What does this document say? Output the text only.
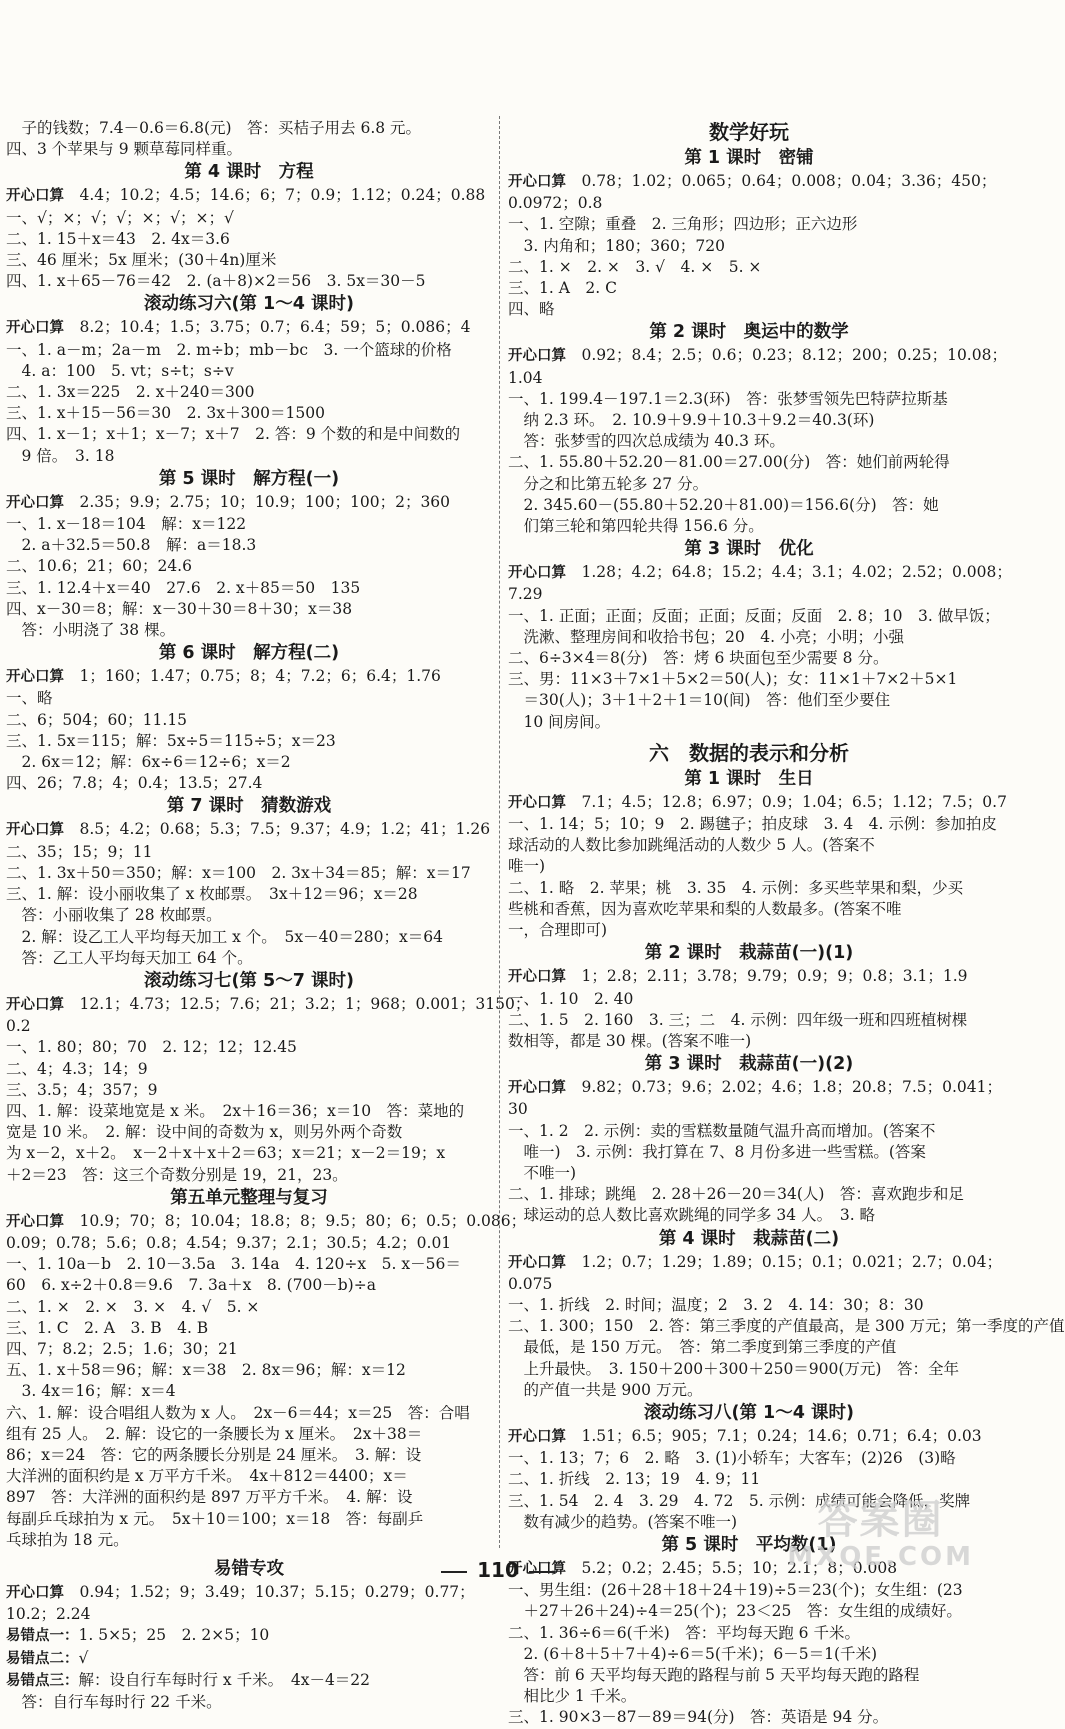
　子的钱数；7.4－0.6＝6.8(元)　答：买桔子用去 6.8 元。
四、3 个苹果与 9 颗草莓同样重。
第 4 课时　方程
开心口算　4.4；10.2；4.5；14.6；6；7；0.9；1.12；0.24；0.88
一、√；×；√；√；×；√；×；√
二、1. 15＋x＝43　2. 4x＝3.6
三、46 厘米；5x 厘米；(30＋4n)厘米
四、1. x＋65－76＝42　2. (a＋8)×2＝56　3. 5x＝30－5
滚动练习六(第 1～4 课时)
开心口算　8.2；10.4；1.5；3.75；0.7；6.4；59；5；0.086；4
一、1. a－m；2a－m　2. m÷b；mb－bc　3. 一个篮球的价格
　4. a：100　5. vt；s÷t；s÷v
二、1. 3x＝225　2. x＋240＝300
三、1. x＋15－56＝30　2. 3x＋300＝1500
四、1. x－1；x＋1；x－7；x＋7　2. 答：9 个数的和是中间数的
　9 倍。　3. 18
第 5 课时　解方程(一)
开心口算　2.35；9.9；2.75；10；10.9；100；100；2；360
一、1. x－18＝104　解：x＝122
　2. a＋32.5＝50.8　解：a＝18.3
二、10.6；21；60；24.6
三、1. 12.4＋x＝40　27.6　2. x＋85＝50　135
四、x－30＝8；解：x－30＋30＝8＋30；x＝38
　答：小明浇了 38 棵。
第 6 课时　解方程(二)
开心口算　1；160；1.47；0.75；8；4；7.2；6；6.4；1.76
一、略
二、6；504；60；11.15
三、1. 5x＝115；解：5x÷5＝115÷5；x＝23
　2. 6x＝12；解：6x÷6＝12÷6；x＝2
四、26；7.8；4；0.4；13.5；27.4
第 7 课时　猜数游戏
开心口算　8.5；4.2；0.68；5.3；7.5；9.37；4.9；1.2；41；1.26
二、35；15；9；11
二、1. 3x＋50＝350；解：x＝100　2. 3x＋34＝85；解：x＝17
三、1. 解：设小丽收集了 x 枚邮票。　3x＋12＝96；x＝28
　答：小丽收集了 28 枚邮票。
　2. 解：设乙工人平均每天加工 x 个。　5x－40＝280；x＝64
　答：乙工人平均每天加工 64 个。
滚动练习七(第 5～7 课时)
开心口算　12.1；4.73；12.5；7.6；21；3.2；1；968；0.001；3150；
0.2
一、1. 80；80；70　2. 12；12；12.45
二、4；4.3；14；9
三、3.5；4；357；9
四、1. 解：设菜地宽是 x 米。　2x＋16＝36；x＝10　答：菜地的
宽是 10 米。　2. 解：设中间的奇数为 x，则另外两个奇数
为 x－2，x＋2。　x－2＋x＋x＋2＝63；x＝21；x－2＝19；x
＋2＝23　答：这三个奇数分别是 19，21，23。
第五单元整理与复习
开心口算　10.9；70；8；10.04；18.8；8；9.5；80；6；0.5；0.086；
0.09；0.78；5.6；0.8；4.54；9.37；2.1；30.5；4.2；0.01
一、1. 10a－b　2. 10－3.5a　3. 14a　4. 120÷x　5. x－56＝
60　6. x÷2＋0.8＝9.6　7. 3a＋x　8. (700－b)÷a
二、1. ×　2. ×　3. ×　4. √　5. ×
三、1. C　2. A　3. B　4. B
四、7；8.2；2.5；1.6；30；21
五、1. x＋58＝96；解：x＝38　2. 8x＝96；解：x＝12
　3. 4x＝16；解：x＝4
六、1. 解：设合唱组人数为 x 人。　2x－6＝44；x＝25　答：合唱
组有 25 人。　2. 解：设它的一条腰长为 x 厘米。　2x＋38＝
86；x＝24　答：它的两条腰长分别是 24 厘米。　3. 解：设
大洋洲的面积约是 x 万平方千米。　4x＋812＝4400；x＝
897　答：大洋洲的面积约是 897 万平方千米。　4. 解：设
每副乒乓球拍为 x 元。　5x＋10＝100；x＝18　答：每副乒
乓球拍为 18 元。
易错专攻
开心口算　0.94；1.52；9；3.49；10.37；5.15；0.279；0.77；
10.2；2.24
易错点一：1. 5×5；25　2. 2×5；10
易错点二：√
易错点三：解：设自行车每时行 x 千米。　4x－4＝22
　答：自行车每时行 22 千米。
数学好玩
第 1 课时　密铺
开心口算　0.78；1.02；0.065；0.64；0.008；0.04；3.36；450；
0.0972；0.8
一、1. 空隙；重叠　2. 三角形；四边形；正六边形
　3. 内角和；180；360；720
二、1. ×　2. ×　3. √　4. ×　5. ×
三、1. A　2. C
四、略
第 2 课时　奥运中的数学
开心口算　0.92；8.4；2.5；0.6；0.23；8.12；200；0.25；10.08；
1.04
一、1. 199.4－197.1＝2.3(环)　答：张梦雪领先巴特萨拉斯基
　纳 2.3 环。　2. 10.9＋9.9＋10.3＋9.2＝40.3(环)
　答：张梦雪的四次总成绩为 40.3 环。
二、1. 55.80＋52.20－81.00＝27.00(分)　答：她们前两轮得
　分之和比第五轮多 27 分。
　2. 345.60－(55.80＋52.20＋81.00)＝156.6(分)　答：她
　们第三轮和第四轮共得 156.6 分。
第 3 课时　优化
开心口算　1.28；4.2；64.8；15.2；4.4；3.1；4.02；2.52；0.008；
7.29
一、1. 正面；正面；反面；正面；反面；反面　2. 8；10　3. 做早饭；
　洗漱、整理房间和收拾书包；20　4. 小亮；小明；小强
二、6÷3×4＝8(分)　答：烤 6 块面包至少需要 8 分。
三、男：11×3＋7×1＋5×2＝50(人)；女：11×1＋7×2＋5×1
　＝30(人)；3＋1＋2＋1＝10(间)　答：他们至少要住
　10 间房间。
六　数据的表示和分析
第 1 课时　生日
开心口算　7.1；4.5；12.8；6.97；0.9；1.04；6.5；1.12；7.5；0.7
一、1. 14；5；10；9　2. 踢毽子；拍皮球　3. 4　4. 示例：参加拍皮
球活动的人数比参加跳绳活动的人数少 5 人。(答案不
唯一)
二、1. 略　2. 苹果；桃　3. 35　4. 示例：多买些苹果和梨，少买
些桃和香蕉，因为喜欢吃苹果和梨的人数最多。(答案不唯
一，合理即可)
第 2 课时　栽蒜苗(一)(1)
开心口算　1；2.8；2.11；3.78；9.79；0.9；9；0.8；3.1；1.9
一、1. 10　2. 40
二、1. 5　2. 160　3. 三；二　4. 示例：四年级一班和四班植树棵
数相等，都是 30 棵。(答案不唯一)
第 3 课时　栽蒜苗(一)(2)
开心口算　9.82；0.73；9.6；2.02；4.6；1.8；20.8；7.5；0.041；
30
一、1. 2　2. 示例：卖的雪糕数量随气温升高而增加。(答案不
　唯一)　3. 示例：我打算在 7、8 月份多进一些雪糕。(答案
　不唯一)
二、1. 排球；跳绳　2. 28＋26－20＝34(人)　答：喜欢跑步和足
　球运动的总人数比喜欢跳绳的同学多 34 人。　3. 略
第 4 课时　栽蒜苗(二)
开心口算　1.2；0.7；1.29；1.89；0.15；0.1；0.021；2.7；0.04；
0.075
一、1. 折线　2. 时间；温度；2　3. 2　4. 14：30；8：30
二、1. 300；150　2. 答：第三季度的产值最高，是 300 万元；第一季度的产值
　最低，是 150 万元。　答：第二季度到第三季度的产值
　上升最快。　3. 150＋200＋300＋250＝900(万元)　答：全年
　的产值一共是 900 万元。
滚动练习八(第 1～4 课时)
开心口算　1.51；6.5；905；7.1；0.24；14.6；0.71；6.4；0.03
一、1. 13；7；6　2. 略　3. (1)小轿车；大客车；(2)26　(3)略
二、1. 折线　2. 13；19　4. 9；11
三、1. 54　2. 4　3. 29　4. 72　5. 示例：成绩可能会降低，奖牌
　数有减少的趋势。(答案不唯一)
第 5 课时　平均数(1)
开心口算　5.2；0.2；2.45；5.5；10；2.1；8；0.008
一、男生组：(26＋28＋18＋24＋19)÷5＝23(个)；女生组：(23
　＋27＋26＋24)÷4＝25(个)；23＜25　答：女生组的成绩好。
二、1. 36÷6＝6(千米)　答：平均每天跑 6 千米。
　2. (6＋8＋5＋7＋4)÷6＝5(千米)；6－5＝1(千米)
　答：前 6 天平均每天跑的路程与前 5 天平均每天跑的路程
　相比少 1 千米。
三、1. 90×3－87－89＝94(分)　答：英语是 94 分。
110
答案圈
MXQE.COM
